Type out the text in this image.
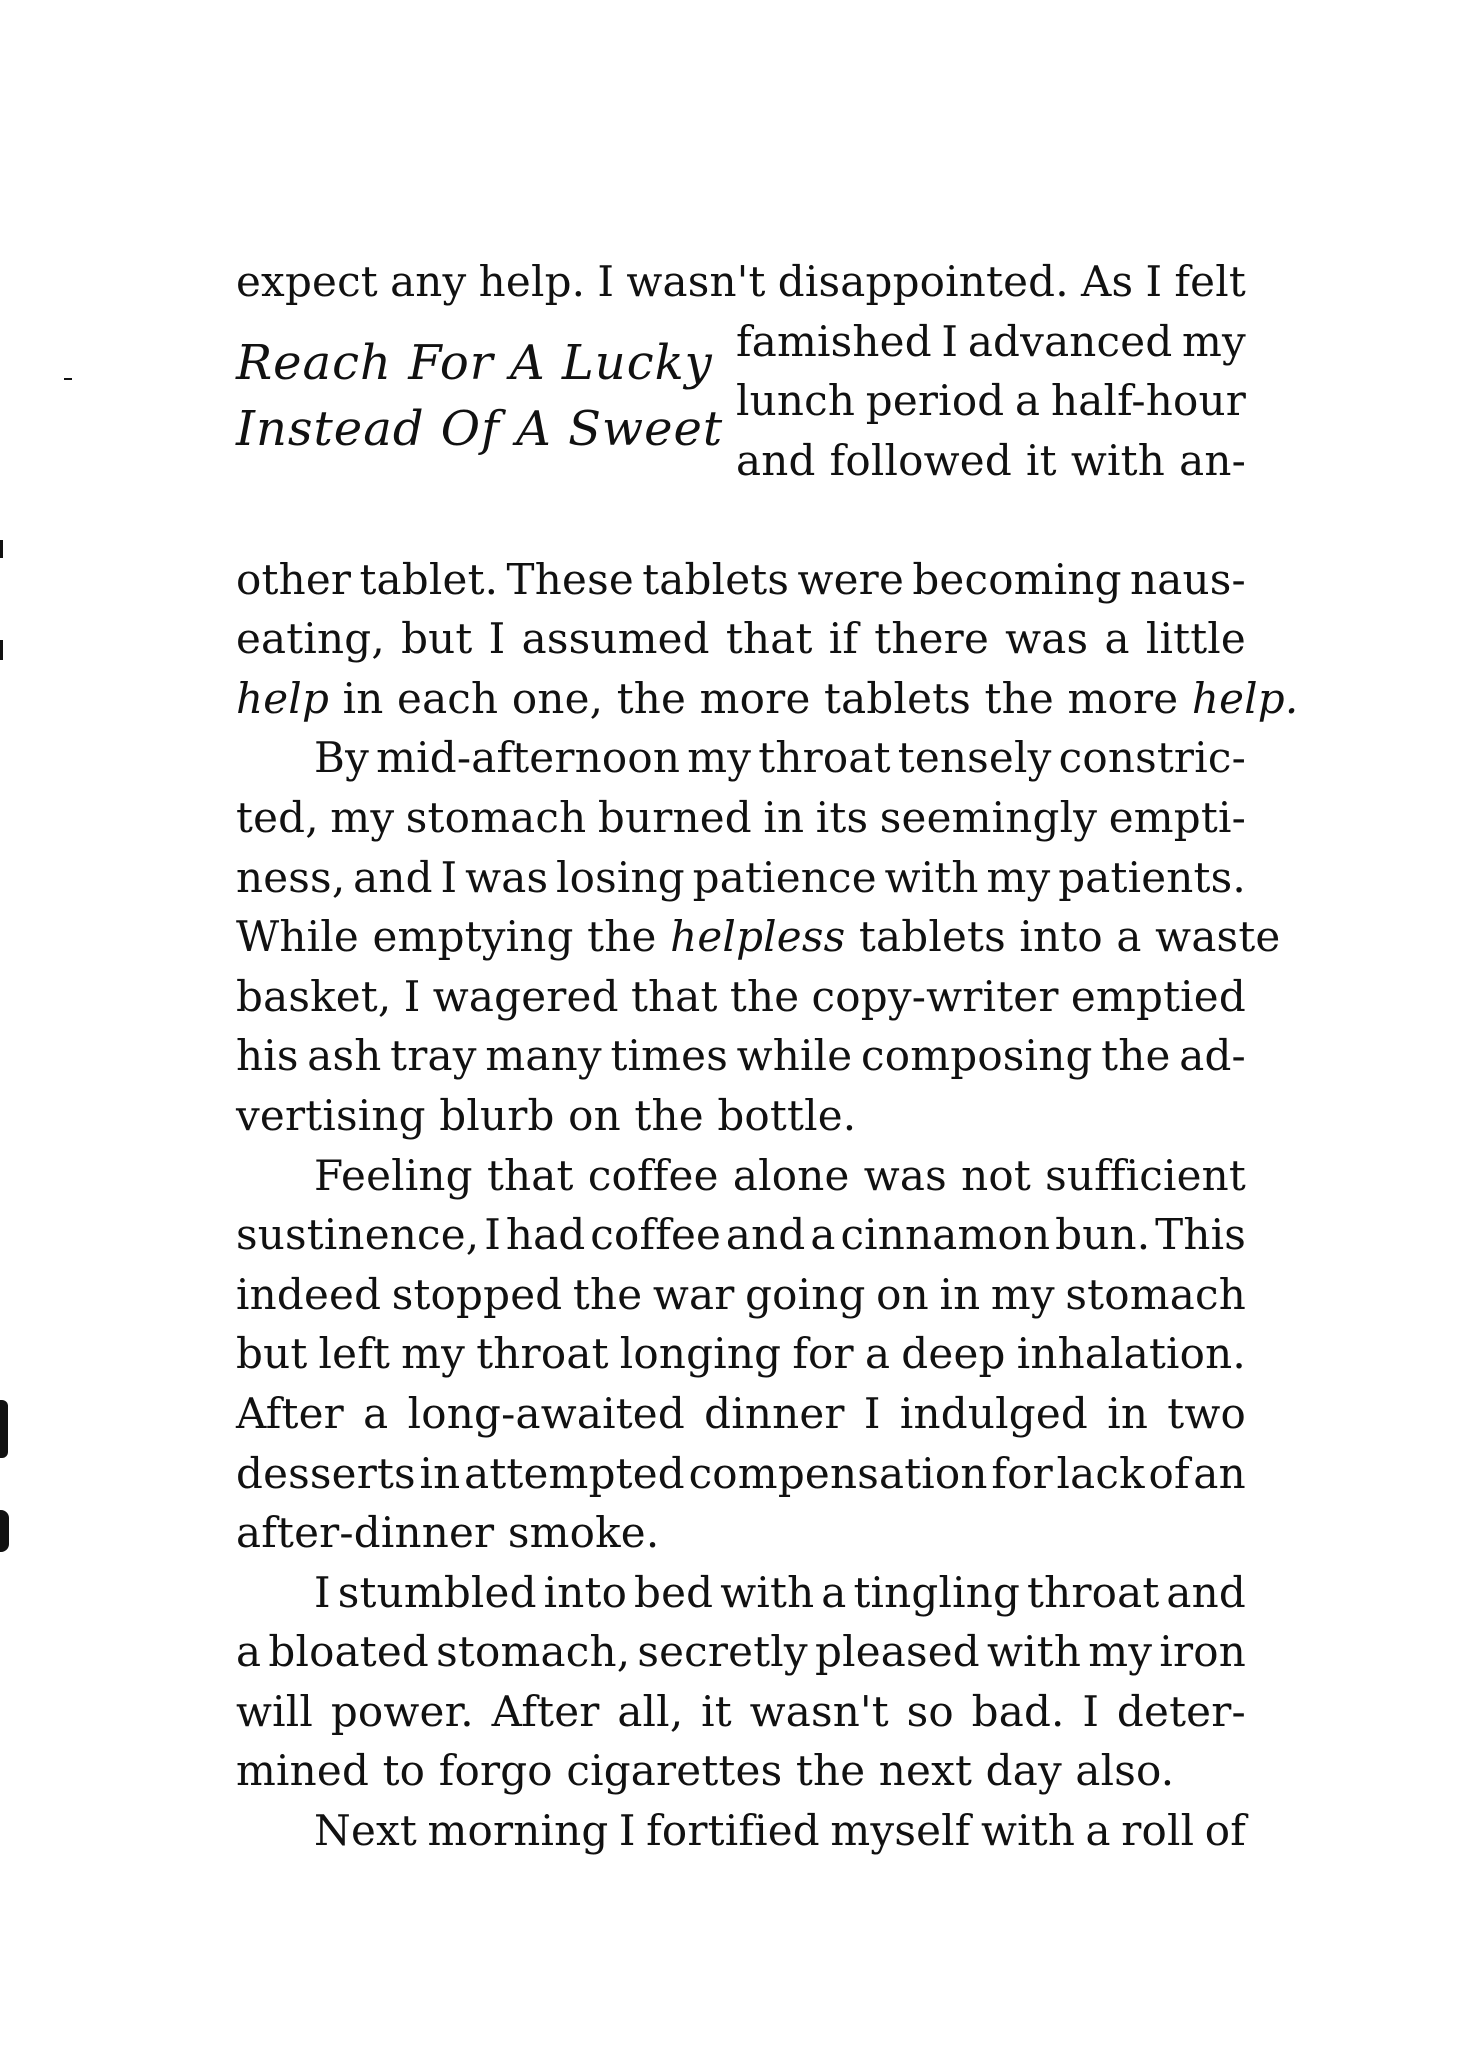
expect any help. I wasn't disappointed. As I felt
Reach For A Lucky
Instead Of A Sweet
famished I advanced my
lunch period a half-hour
and followed it with an-
other tablet. These tablets were becoming naus-
eating, but I assumed that if there was a little
help in each one, the more tablets the more help.
By mid-afternoon my throat tensely constric-
ted, my stomach burned in its seemingly empti-
ness, and I was losing patience with my patients.
While emptying the helpless tablets into a waste
basket, I wagered that the copy-writer emptied
his ash tray many times while composing the ad-
vertising blurb on the bottle.
Feeling that coffee alone was not sufficient
sustinence, I had coffee and a cinnamon bun. This
indeed stopped the war going on in my stomach
but left my throat longing for a deep inhalation.
After a long-awaited dinner I indulged in two
desserts in attempted compensation for lack of an
after-dinner smoke.
I stumbled into bed with a tingling throat and
a bloated stomach, secretly pleased with my iron
will power. After all, it wasn't so bad. I deter-
mined to forgo cigarettes the next day also.
Next morning I fortified myself with a roll of
